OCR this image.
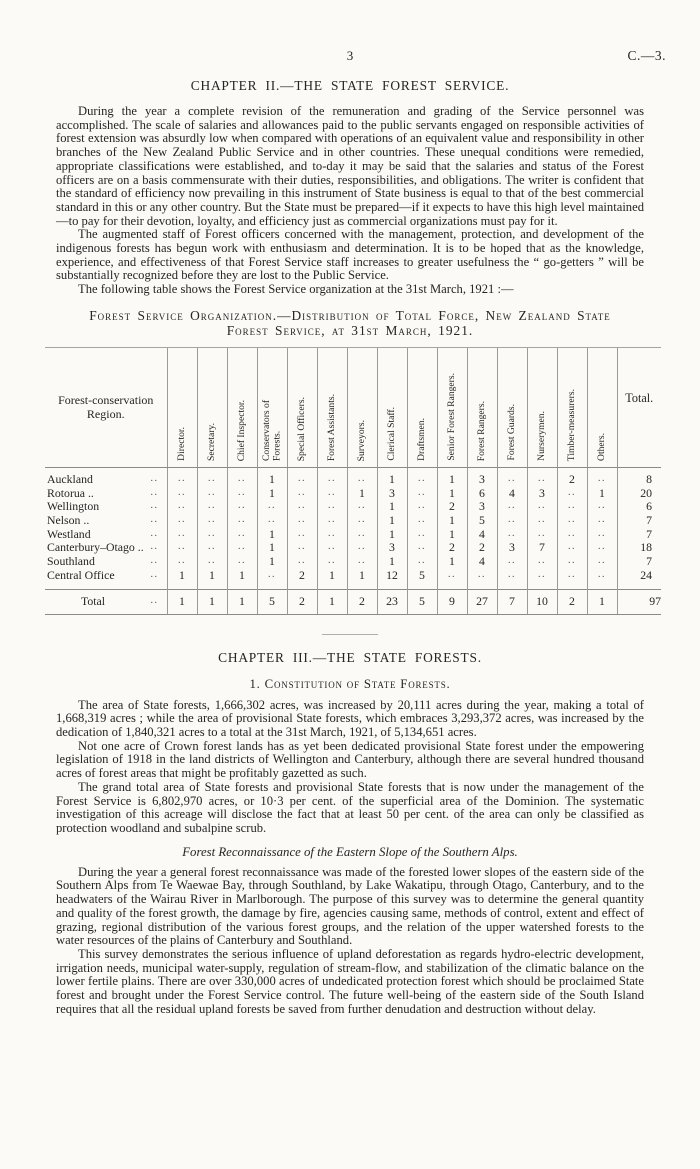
3	C.—3.
CHAPTER II.—THE STATE FOREST SERVICE.

During the year a complete revision of the remuneration and grading of the Service personnel was accomplished. The scale of salaries and allowances paid to the public servants engaged on responsible activities of forest extension was absurdly low when compared with operations of an equivalent value and responsibility in other branches of the New Zealand Public Service and in other countries. These unequal conditions were remedied, appropriate classifications were established, and to-day it may be said that the salaries and status of the Forest officers are on a basis commensurate with their duties, responsibilities, and obligations. The writer is confident that the standard of efficiency now prevailing in this instrument of State business is equal to that of the best commercial standard in this or any other country. But the State must be prepared—if it expects to have this high level maintained—to pay for their devotion, loyalty, and efficiency just as commercial organizations must pay for it.

The augmented staff of Forest officers concerned with the management, protection, and development of the indigenous forests has begun work with enthusiasm and determination. It is to be hoped that as the knowledge, experience, and effectiveness of that Forest Service staff increases to greater usefulness the “ go-getters ” will be substantially recognized before they are lost to the Public Service.

The following table shows the Forest Service organization at the 31st March, 1921 :—

Forest Service Organization.—Distribution of Total Force, New Zealand State Forest Service, at 31st March, 1921.
Forest-conservation Region.	Director.	Secretary.	Chief Inspector.	Conservators of Forests.	Special Officers.	Forest Assistants.	Surveyors.	Clerical Staff.	Draftsmen.	Senior Forest Rangers.	Forest Rangers.	Forest Guards.	Nurserymen.	Timber-measurers.	Others.	Total.

Auckland ..	..	..	..	1	..	..	..	1	..	1	3	..	..	2	..	8

Rotorua .. ..	..	..	..	1	..	..	1	3	..	1	6	4	3	..	1	20

Wellington ..	..	..	..	..	..	..	..	1	..	2	3	..	..	..	..	6

Nelson .. ..	..	..	..	..	..	..	..	1	..	1	5	..	..	..	..	7

Westland ..	..	..	..	1	..	..	..	1	..	1	4	..	..	..	..	7

Canterbury–Otago .. ..	..	..	..	1	..	..	..	3	..	2	2	3	7	..	..	18

Southland ..	..	..	..	1	..	..	..	1	..	1	4	..	..	..	..	7

Central Office ..	1	1	1	..	2	1	1	12	5	..	..	..	..	..	..	24

Total ..	1	1	1	5	2	1	2	23	5	9	27	7	10	2	1	97
CHAPTER III.—THE STATE FORESTS.
1. Constitution of State Forests.

The area of State forests, 1,666,302 acres, was increased by 20,111 acres during the year, making a total of 1,668,319 acres ; while the area of provisional State forests, which embraces 3,293,372 acres, was increased by the dedication of 1,840,321 acres to a total at the 31st March, 1921, of 5,134,651 acres.

Not one acre of Crown forest lands has as yet been dedicated provisional State forest under the empowering legislation of 1918 in the land districts of Wellington and Canterbury, although there are several hundred thousand acres of forest areas that might be profitably gazetted as such.

The grand total area of State forests and provisional State forests that is now under the management of the Forest Service is 6,802,970 acres, or 10·3 per cent. of the superficial area of the Dominion. The systematic investigation of this acreage will disclose the fact that at least 50 per cent. of the area can only be classified as protection woodland and subalpine scrub.

Forest Reconnaissance of the Eastern Slope of the Southern Alps.

During the year a general forest reconnaissance was made of the forested lower slopes of the eastern side of the Southern Alps from Te Waewae Bay, through Southland, by Lake Wakatipu, through Otago, Canterbury, and to the headwaters of the Wairau River in Marlborough. The purpose of this survey was to determine the general quantity and quality of the forest growth, the damage by fire, agencies causing same, methods of control, extent and effect of grazing, regional distribution of the various forest groups, and the relation of the upper watershed forests to the water resources of the plains of Canterbury and Southland.

This survey demonstrates the serious influence of upland deforestation as regards hydro-electric development, irrigation needs, municipal water-supply, regulation of stream-flow, and stabilization of the climatic balance on the lower fertile plains. There are over 330,000 acres of undedicated protection forest which should be proclaimed State forest and brought under the Forest Service control. The future well-being of the eastern side of the South Island requires that all the residual upland forests be saved from further denudation and destruction without delay.
